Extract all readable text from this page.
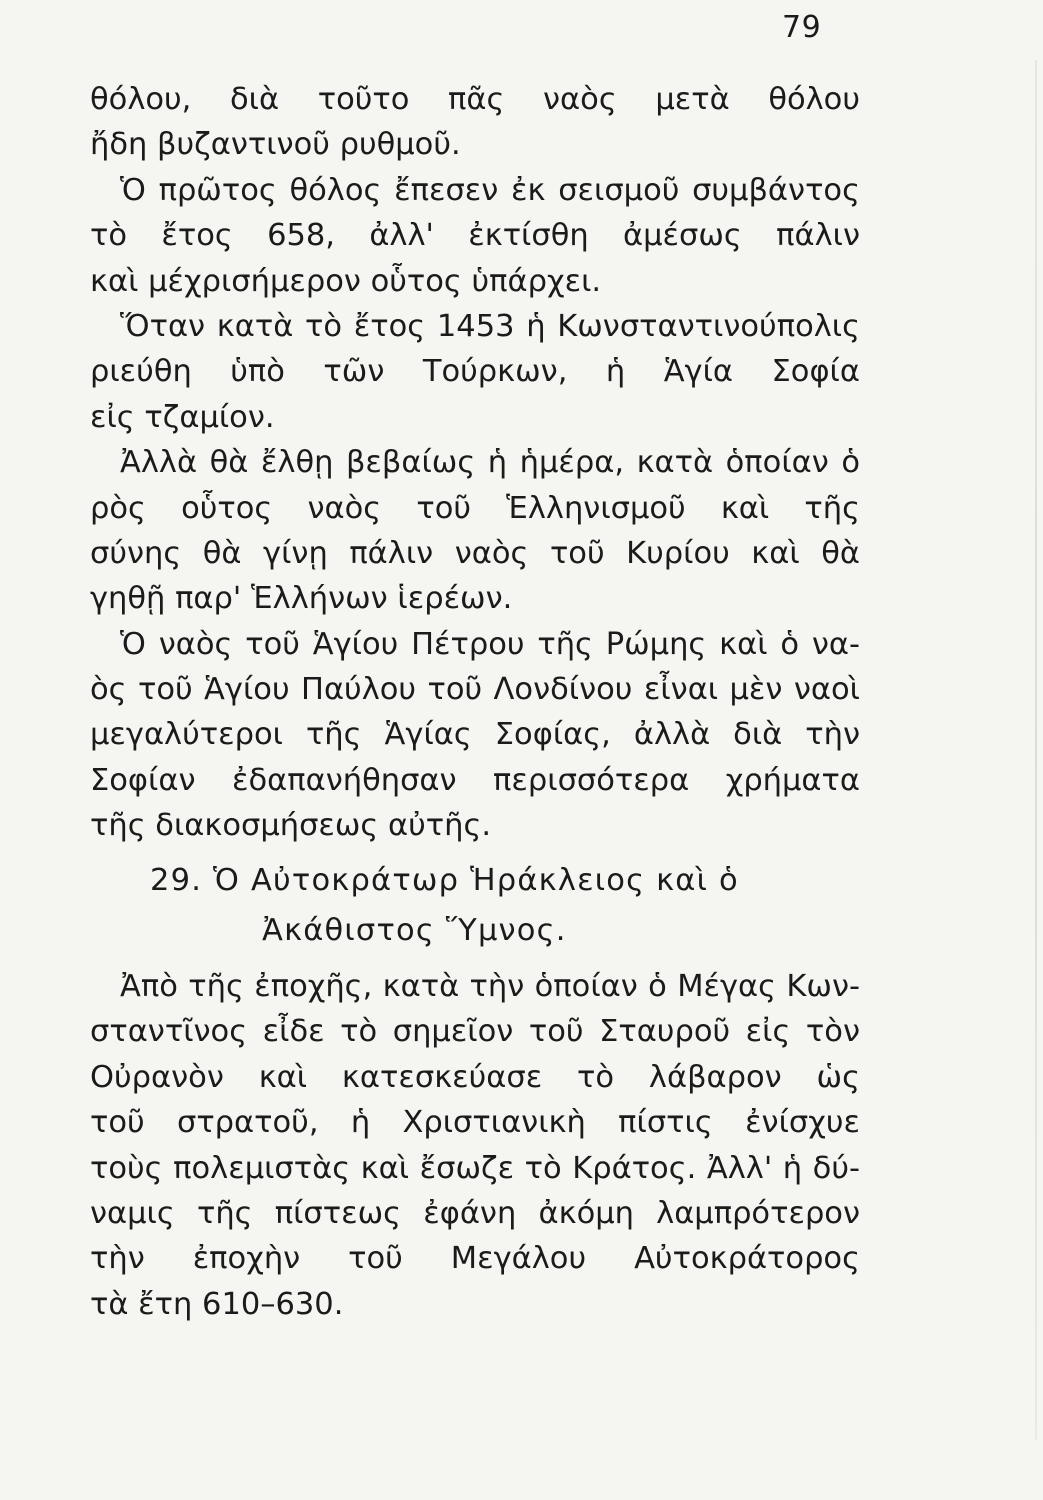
79
θόλου, διὰ τοῦτο πᾶς ναὸς μετὰ θόλου
ἤδη βυζαντινοῦ ρυθμοῦ.
Ὁ πρῶτος θόλος ἔπεσεν ἐκ σεισμοῦ συμβάντος
τὸ ἔτος 658, ἀλλ' ἐκτίσθη ἀμέσως πάλιν
καὶ μέχρισήμερον οὗτος ὑπάρχει.
Ὅταν κατὰ τὸ ἔτος 1453 ἡ Κωνσταντινούπολις
ριεύθη ὑπὸ τῶν Τούρκων, ἡ Ἁγία Σοφία
εἰς τζαμίον.
Ἀλλὰ θὰ ἔλθῃ βεβαίως ἡ ἡμέρα, κατὰ ὁποίαν ὁ
ρὸς οὗτος ναὸς τοῦ Ἑλληνισμοῦ καὶ τῆς
σύνης θὰ γίνῃ πάλιν ναὸς τοῦ Κυρίου καὶ θὰ
γηθῇ παρ' Ἑλλήνων ἱερέων.
Ὁ ναὸς τοῦ Ἁγίου Πέτρου τῆς Ρώμης καὶ ὁ να-
ὸς τοῦ Ἁγίου Παύλου τοῦ Λονδίνου εἶναι μὲν ναοὶ
μεγαλύτεροι τῆς Ἁγίας Σοφίας, ἀλλὰ διὰ τὴν
Σοφίαν ἐδαπανήθησαν περισσότερα χρήματα
τῆς διακοσμήσεως αὐτῆς.
29. Ὁ Αὐτοκράτωρ Ἡράκλειος καὶ ὁ
Ἀκάθιστος Ὕμνος.
Ἀπὸ τῆς ἐποχῆς, κατὰ τὴν ὁποίαν ὁ Μέγας Κων-
σταντῖνος εἶδε τὸ σημεῖον τοῦ Σταυροῦ εἰς τὸν
Οὐρανὸν καὶ κατεσκεύασε τὸ λάβαρον ὡς
τοῦ στρατοῦ, ἡ Χριστιανικὴ πίστις ἐνίσχυε
τοὺς πολεμιστὰς καὶ ἔσωζε τὸ Κράτος. Ἀλλ' ἡ δύ-
ναμις τῆς πίστεως ἐφάνη ἀκόμη λαμπρότερον
τὴν ἐποχὴν τοῦ Μεγάλου Αὐτοκράτορος
τὰ ἔτη 610–630.
